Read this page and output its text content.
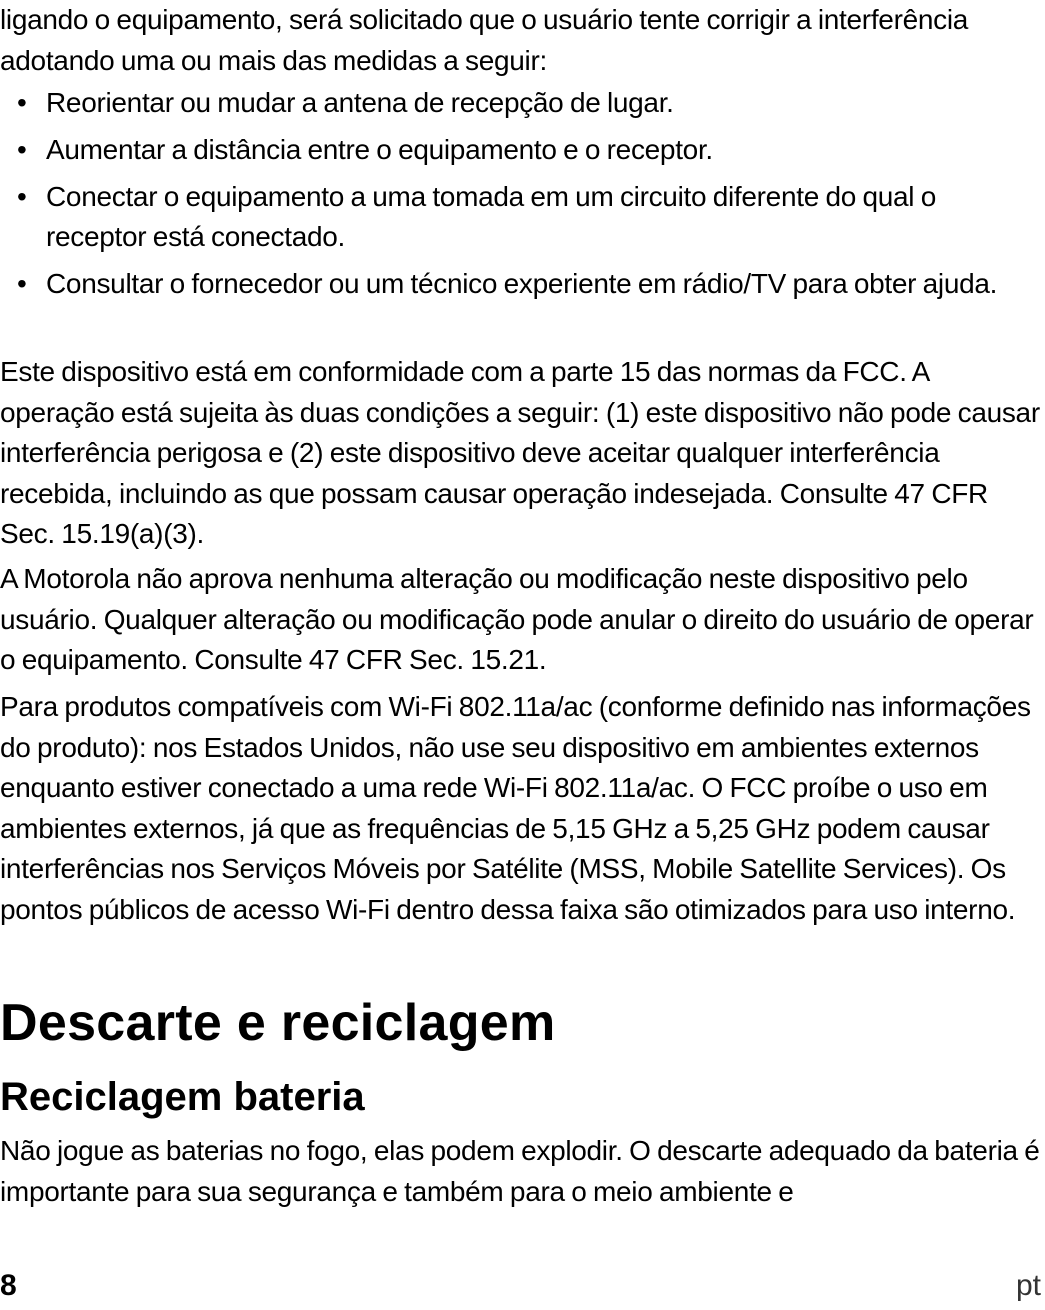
ligando o equipamento, será solicitado que o usuário tente corrigir a interferência adotando uma ou mais das medidas a seguir:
• Reorientar ou mudar a antena de recepção de lugar.
• Aumentar a distância entre o equipamento e o receptor.
• Conectar o equipamento a uma tomada em um circuito diferente do qual o receptor está conectado.
• Consultar o fornecedor ou um técnico experiente em rádio/TV para obter ajuda.
Este dispositivo está em conformidade com a parte 15 das normas da FCC. A operação está sujeita às duas condições a seguir: (1) este dispositivo não pode causar interferência perigosa e (2) este dispositivo deve aceitar qualquer interferência recebida, incluindo as que possam causar operação indesejada. Consulte 47 CFR Sec. 15.19(a)(3).
A Motorola não aprova nenhuma alteração ou modificação neste dispositivo pelo usuário. Qualquer alteração ou modificação pode anular o direito do usuário de operar o equipamento. Consulte 47 CFR Sec. 15.21.
Para produtos compatíveis com Wi-Fi 802.11a/ac (conforme definido nas informações do produto): nos Estados Unidos, não use seu dispositivo em ambientes externos enquanto estiver conectado a uma rede Wi-Fi 802.11a/ac. O FCC proíbe o uso em ambientes externos, já que as frequências de 5,15 GHz a 5,25 GHz podem causar interferências nos Serviços Móveis por Satélite (MSS, Mobile Satellite Services). Os pontos públicos de acesso Wi-Fi dentro dessa faixa são otimizados para uso interno.
Descarte e reciclagem
Reciclagem bateria
Não jogue as baterias no fogo, elas podem explodir. O descarte adequado da bateria é importante para sua segurança e também para o meio ambiente e
8	pt
